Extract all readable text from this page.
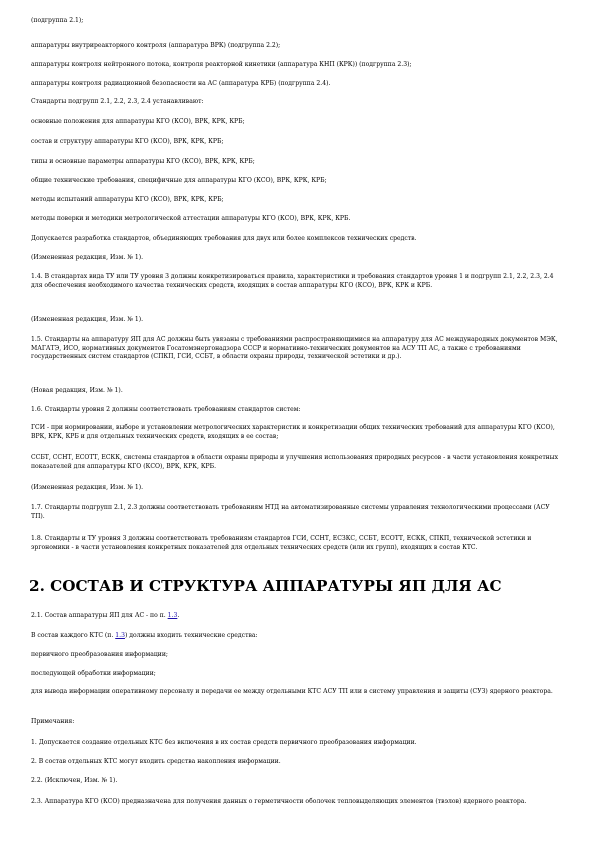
(подгруппа 2.1);

аппаратуры внутриреакторного контроля (аппаратура ВРК) (подгруппа 2.2);

аппаратуры контроля нейтронного потока, контроля реакторной кинетики (аппаратура КНП (КРК)) (подгруппа 2.3);

аппаратуры контроля радиационной безопасности на АС (аппаратура КРБ) (подгруппа 2.4).

Стандарты подгрупп 2.1, 2.2, 2.3, 2.4 устанавливают:

основные положения для аппаратуры КГО (КСО), ВРК, КРК, КРБ;

состав и структуру аппаратуры КГО (КСО), ВРК, КРК, КРБ;

типы и основные параметры аппаратуры КГО (КСО), ВРК, КРК, КРБ;

общие технические требования, специфичные для аппаратуры КГО (КСО), ВРК, КРК, КРБ;

методы испытаний аппаратуры КГО (КСО), ВРК, КРК, КРБ;

методы поверки и методики метрологической аттестации аппаратуры КГО (КСО), ВРК, КРК, КРБ.

Допускается разработка стандартов, объединяющих требования для двух или более комплексов технических средств.

(Измененная редакция, Изм. № 1).

1.4. В стандартах вида ТУ или ТУ уровня 3 должны конкретизироваться правила, характеристики и требования стандартов уровня 1 и подгрупп 2.1, 2.2, 2.3, 2.4 для обеспечения необходимого качества технических средств, входящих в состав аппаратуры КГО (КСО), ВРК, КРК и КРБ.

(Измененная редакция, Изм. № 1).

1.5. Стандарты на аппаратуру ЯП для АС должны быть увязаны с требованиями распространяющимися на аппаратуру для АС международных документов МЭК, МАГАТЭ, ИСО, нормативных документов Госатомэнергонадзора СССР и нормативно-технических документов на АСУ ТП АС, а также с требованиями государственных систем стандартов (СПКП, ГСИ, ССБТ, в области охраны природы, технической эстетики и др.).

(Новая редакция, Изм. № 1).

1.6. Стандарты уровня 2 должны соответствовать требованиям стандартов систем:

ГСИ - при нормировании, выборе и установлении метрологических характеристик и конкретизации общих технических требований для аппаратуры КГО (КСО), ВРК, КРК, КРБ и для отдельных технических средств, входящих в ее состав;

ССБТ, ССНТ, ЕСОТТ, ЕСКК, системы стандартов в области охраны природы и улучшения использования природных ресурсов - в части установления конкретных показателей для аппаратуры КГО (КСО), ВРК, КРК, КРБ.

(Измененная редакция, Изм. № 1).

1.7. Стандарты подгрупп 2.1, 2.3 должны соответствовать требованиям НТД на автоматизированные системы управления технологическими процессами (АСУ ТП).

1.8. Стандарты и ТУ уровня 3 должны соответствовать требованиям стандартов ГСИ, ССНТ, ЕСЗКС, ССБТ, ЕСОТТ, ЕСКК, СПКП, технической эстетики и эргономики - в части установления конкретных показателей для отдельных технических средств (или их групп), входящих в состав КТС.

2. СОСТАВ И СТРУКТУРА АППАРАТУРЫ ЯП ДЛЯ АС

2.1. Состав аппаратуры ЯП для АС - по п. 1.3.

В состав каждого КТС (п. 1.3) должны входить технические средства:

первичного преобразования информации;

последующей обработки информации;

для вывода информации оперативному персоналу и передачи ее между отдельными КТС АСУ ТП или в систему управления и защиты (СУЗ) ядерного реактора.

Примечания:

1. Допускается создание отдельных КТС без включения в их состав средств первичного преобразования информации.

2. В состав отдельных КТС могут входить средства накопления информации.

2.2. (Исключен, Изм. № 1).

2.3. Аппаратура КГО (КСО) предназначена для получения данных о герметичности оболочек тепловыделяющих элементов (твэлов) ядерного реактора.
